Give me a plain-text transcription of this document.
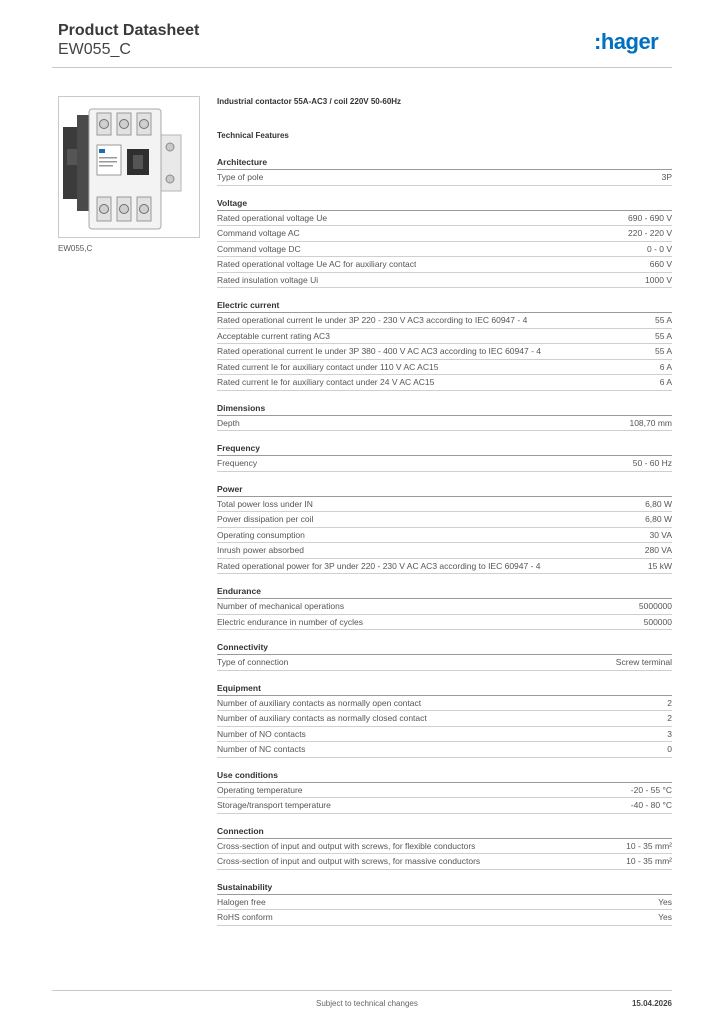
Product Datasheet
EW055_C	:hager
EW055,C
Industrial contactor 55A-AC3 / coil 220V 50-60Hz
Technical Features
Architecture
Type of pole	3P
Voltage
Rated operational voltage Ue	690 - 690 V
Command voltage AC	220 - 220 V
Command voltage DC	0 - 0 V
Rated operational voltage Ue AC for auxiliary contact	660 V
Rated insulation voltage Ui	1000 V
Electric current
Rated operational current Ie under 3P 220 - 230 V AC3 according to IEC 60947 - 4	55 A
Acceptable current rating AC3	55 A
Rated operational current Ie under 3P 380 - 400 V AC AC3 according to IEC 60947 - 4	55 A
Rated current Ie for auxiliary contact under 110 V AC AC15	6 A
Rated current Ie for auxiliary contact under 24 V AC AC15	6 A
Dimensions
Depth	108,70 mm
Frequency
Frequency	50 - 60 Hz
Power
Total power loss under IN	6,80 W
Power dissipation per coil	6,80 W
Operating consumption	30 VA
Inrush power absorbed	280 VA
Rated operational power for 3P under 220 - 230 V AC AC3 according to IEC 60947 - 4	15 kW
Endurance
Number of mechanical operations	5000000
Electric endurance in number of cycles	500000
Connectivity
Type of connection	Screw terminal
Equipment
Number of auxiliary contacts as normally open contact	2
Number of auxiliary contacts as normally closed contact	2
Number of NO contacts	3
Number of NC contacts	0
Use conditions
Operating temperature	-20 - 55 °C
Storage/transport temperature	-40 - 80 °C
Connection
Cross-section of input and output with screws, for flexible conductors	10 - 35 mm²
Cross-section of input and output with screws, for massive conductors	10 - 35 mm²
Sustainability
Halogen free	Yes
RoHS conform	Yes
Subject to technical changes	15.04.2026
